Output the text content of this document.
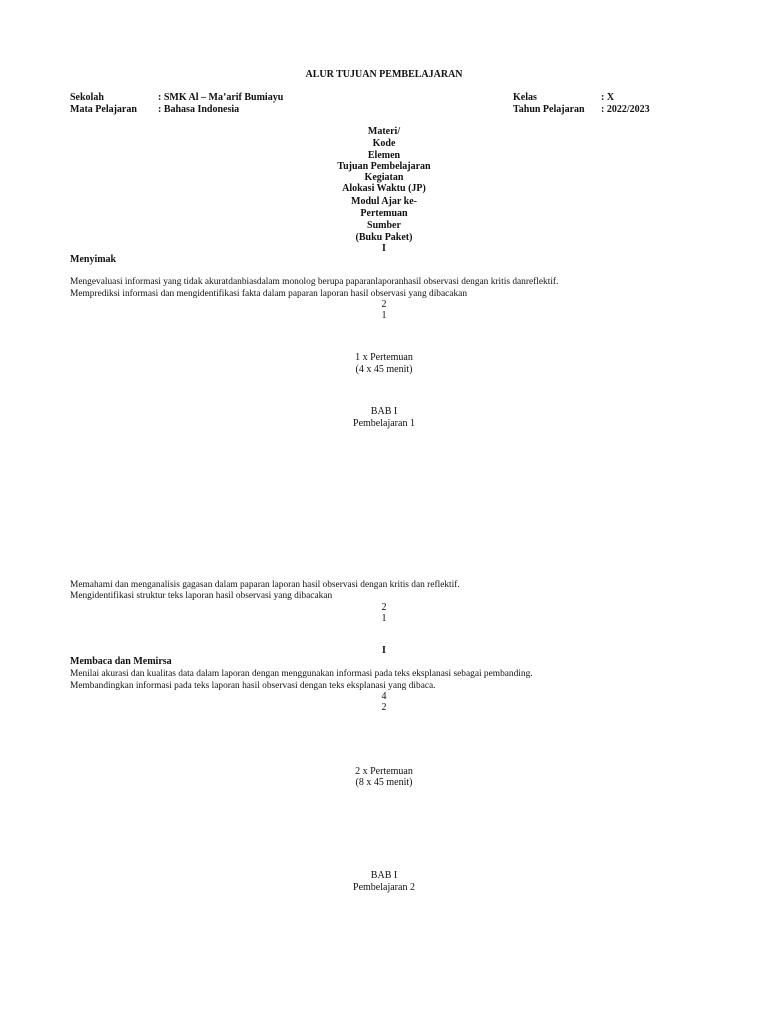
ALUR TUJUAN PEMBELAJARAN
Sekolah	: SMK Al – Ma’arif Bumiayu
Mata Pelajaran : Bahasa Indonesia
Kelas	: X
Tahun Pelajaran : 2022/2023
Materi/
Kode
Elemen
Tujuan Pembelajaran
Kegiatan
Alokasi Waktu (JP)
Modul Ajar ke-
Pertemuan
Sumber
(Buku Paket)
I
Menyimak
Mengevaluasi informasi yang tidak akuratdanbiasdalam monolog berupa paparanlaporanhasil observasi dengan kritis danreflektif.
Memprediksi informasi dan mengidentifikasi fakta dalam paparan laporan hasil observasi yang dibacakan
2
1
1 x Pertemuan
(4 x 45 menit)
BAB I
Pembelajaran 1
Memahami dan menganalisis gagasan dalam paparan laporan hasil observasi dengan kritis dan reflektif.
Mengidentifikasi struktur teks laporan hasil observasi yang dibacakan
2
1
I
Membaca dan Memirsa
Menilai akurasi dan kualitas data dalam laporan dengan menggunakan informasi pada teks eksplanasi sebagai pembanding.
Membandingkan informasi pada teks laporan hasil observasi dengan teks eksplanasi yang dibaca.
4
2
2 x Pertemuan
(8 x 45 menit)
BAB I
Pembelajaran 2
